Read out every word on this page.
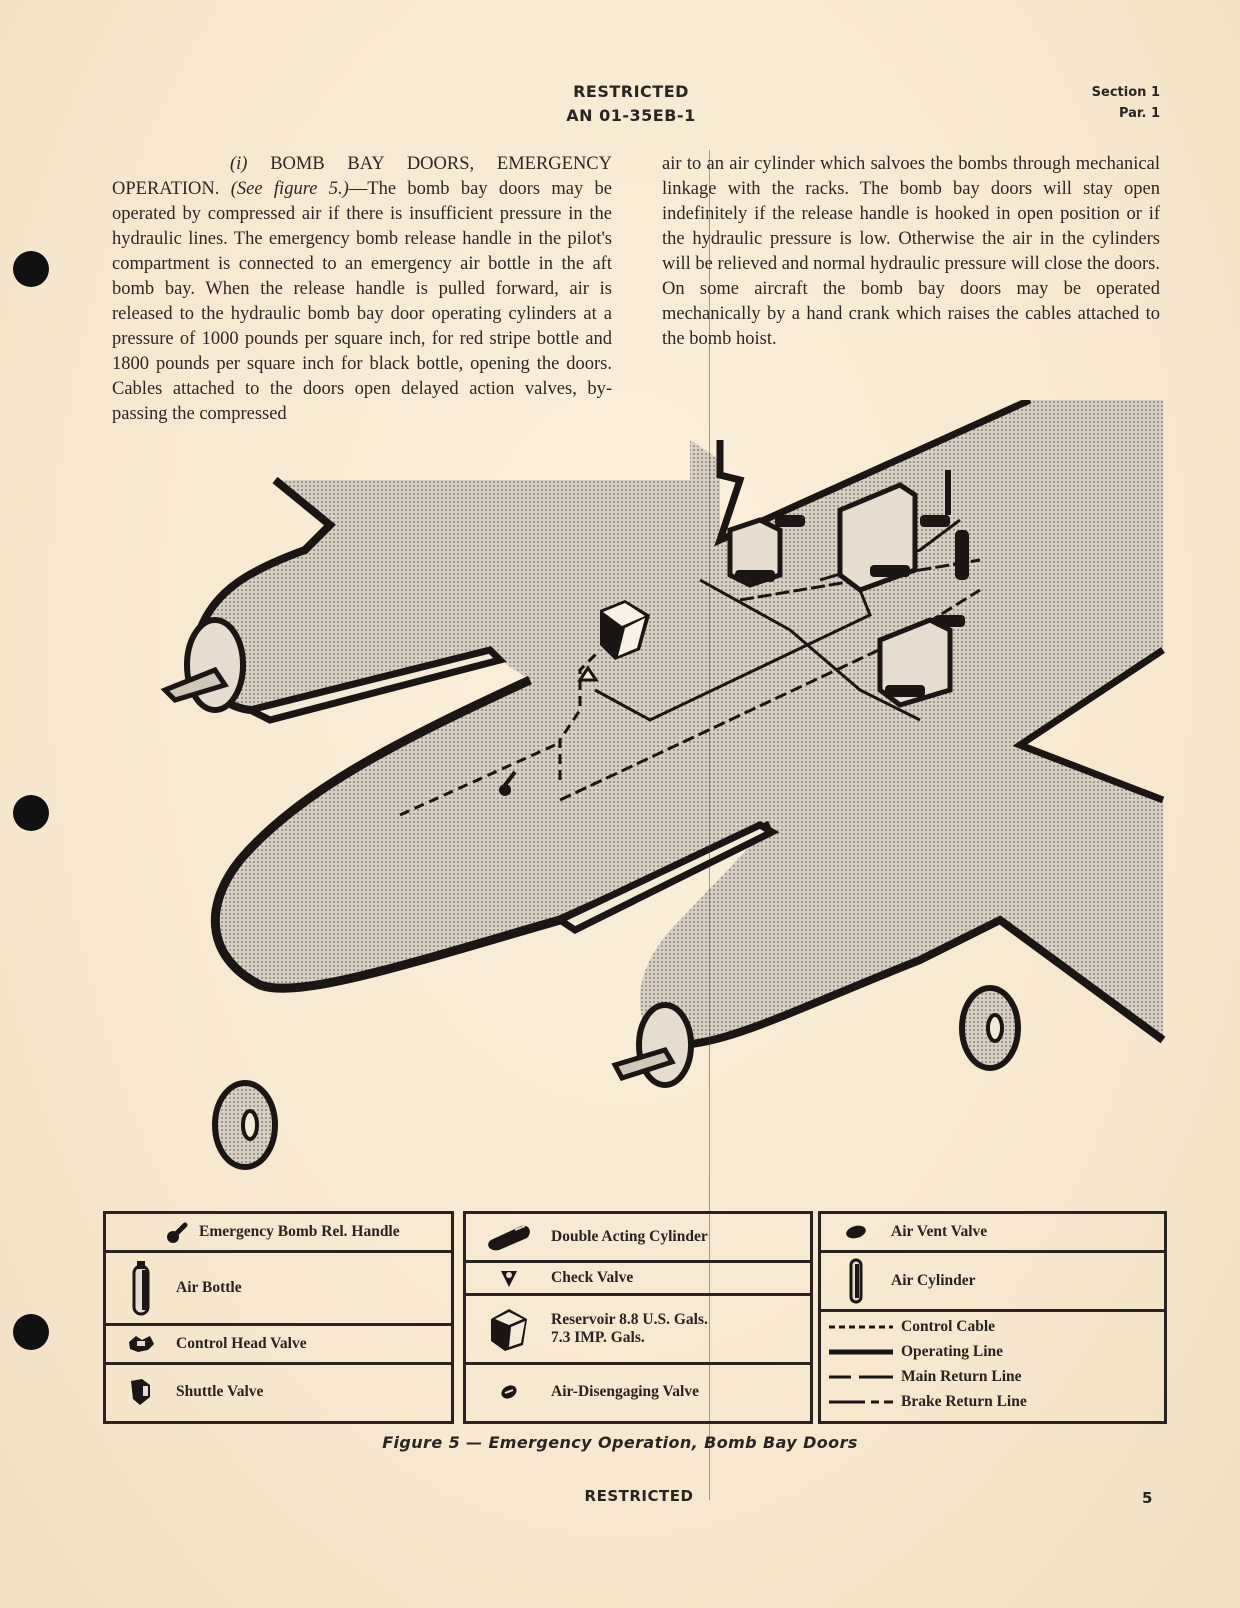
RESTRICTED
AN 01-35EB-1
Section 1
Par. 1
(i) BOMB BAY DOORS, EMERGENCY OPERATION. (See figure 5.)—The bomb bay doors may be operated by compressed air if there is insufficient pressure in the hydraulic lines. The emergency bomb release handle in the pilot's compartment is connected to an emergency air bottle in the aft bomb bay. When the release handle is pulled forward, air is released to the hydraulic bomb bay door operating cylinders at a pressure of 1000 pounds per square inch, for red stripe bottle and 1800 pounds per square inch for black bottle, opening the doors. Cables attached to the doors open delayed action valves, by-passing the compressed
air to an air cylinder which salvoes the bombs through mechanical linkage with the racks. The bomb bay doors will stay open indefinitely if the release handle is hooked in open position or if the hydraulic pressure is low. Otherwise the air in the cylinders will be relieved and normal hydraulic pressure will close the doors. On some aircraft the bomb bay doors may be operated mechanically by a hand crank which raises the cables attached to the bomb hoist.
Emergency Bomb Rel. Handle
Air Bottle
Control Head Valve
Shuttle Valve
Double Acting Cylinder
Check Valve
Reservoir 8.8 U.S. Gals.
7.3 IMP. Gals.
Air-Disengaging Valve
Air Vent Valve
Air Cylinder
Control Cable
Operating Line
Main Return Line
Brake Return Line
Figure 5 — Emergency Operation, Bomb Bay Doors
RESTRICTED	5
